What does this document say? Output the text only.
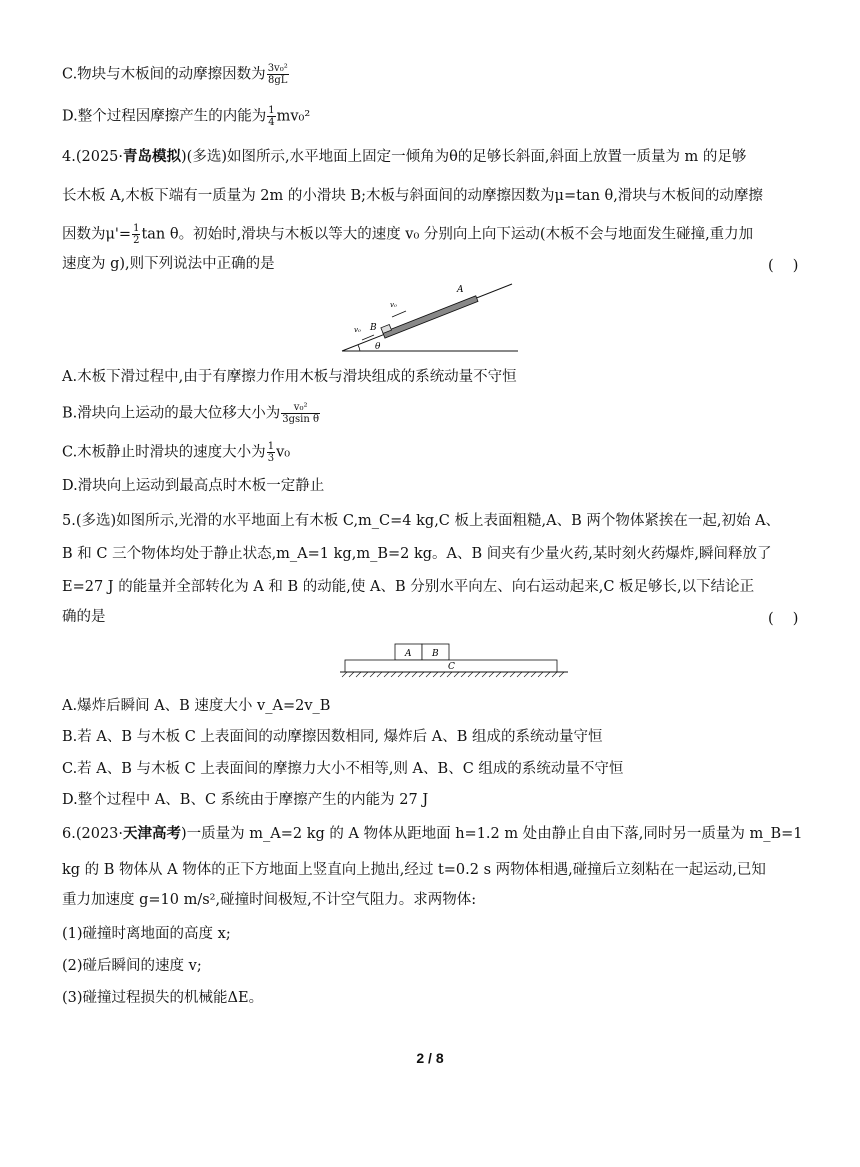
C.物块与木板间的动摩擦因数为 $\frac{\text{3v₀²}}{8gL}$
D.整个过程因摩擦产生的内能为 $\frac{1}{4} mv_0^2$
4.(2025·青岛模拟)(多选)如图所示,水平地面上固定一倾角为θ的足够长斜面,斜面上放置一质量为 m 的足够
长木板 A,木板下端有一质量为 2m 的小滑块 B;木板与斜面间的动摩擦因数为μ=tan θ,滑块与木板间的动摩擦
因数为$\mu'= \frac{1}{2}$ tan θ。初始时,滑块与木板以等大的速度 v₀ 分别向上向下运动(木板不会与地面发生碰撞,重力加
速度为 g),则下列说法中正确的是	(　 )
A
B
v₀
v₀
θ
A.木板下滑过程中,由于有摩擦力作用木板与滑块组成的系统动量不守恒
B.滑块向上运动的最大位移大小为 $\frac{\text{v₀²}}{\text{3gsin θ}}$
C.木板静止时滑块的速度大小为 $\frac{1}{3} v_0$
D.滑块向上运动到最高点时木板一定静止
5.(多选)如图所示,光滑的水平地面上有木板 C,m_C=4 kg,C 板上表面粗糙,A、B 两个物体紧挨在一起,初始 A、
B 和 C 三个物体均处于静止状态,m_A=1 kg,m_B=2 kg。A、B 间夹有少量火药,某时刻火药爆炸,瞬间释放了
E=27 J 的能量并全部转化为 A 和 B 的动能,使 A、B 分别水平向左、向右运动起来,C 板足够长,以下结论正
确的是	(　 )
A B
C
A.爆炸后瞬间 A、B 速度大小 v_A=2v_B
B.若 A、B 与木板 C 上表面间的动摩擦因数相同, 爆炸后 A、B 组成的系统动量守恒
C.若 A、B 与木板 C 上表面间的摩擦力大小不相等,则 A、B、C 组成的系统动量不守恒
D.整个过程中 A、B、C 系统由于摩擦产生的内能为 27 J
6.(2023·天津高考)一质量为 m_A=2 kg 的 A 物体从距地面 h=1.2 m 处由静止自由下落,同时另一质量为 m_B=1
kg 的 B 物体从 A 物体的正下方地面上竖直向上抛出,经过 t=0.2 s 两物体相遇,碰撞后立刻粘在一起运动,已知
重力加速度 g=10 m/s²,碰撞时间极短,不计空气阻力。求两物体:
(1)碰撞时离地面的高度 x;
(2)碰后瞬间的速度 v;
(3)碰撞过程损失的机械能ΔE。
2 / 8
